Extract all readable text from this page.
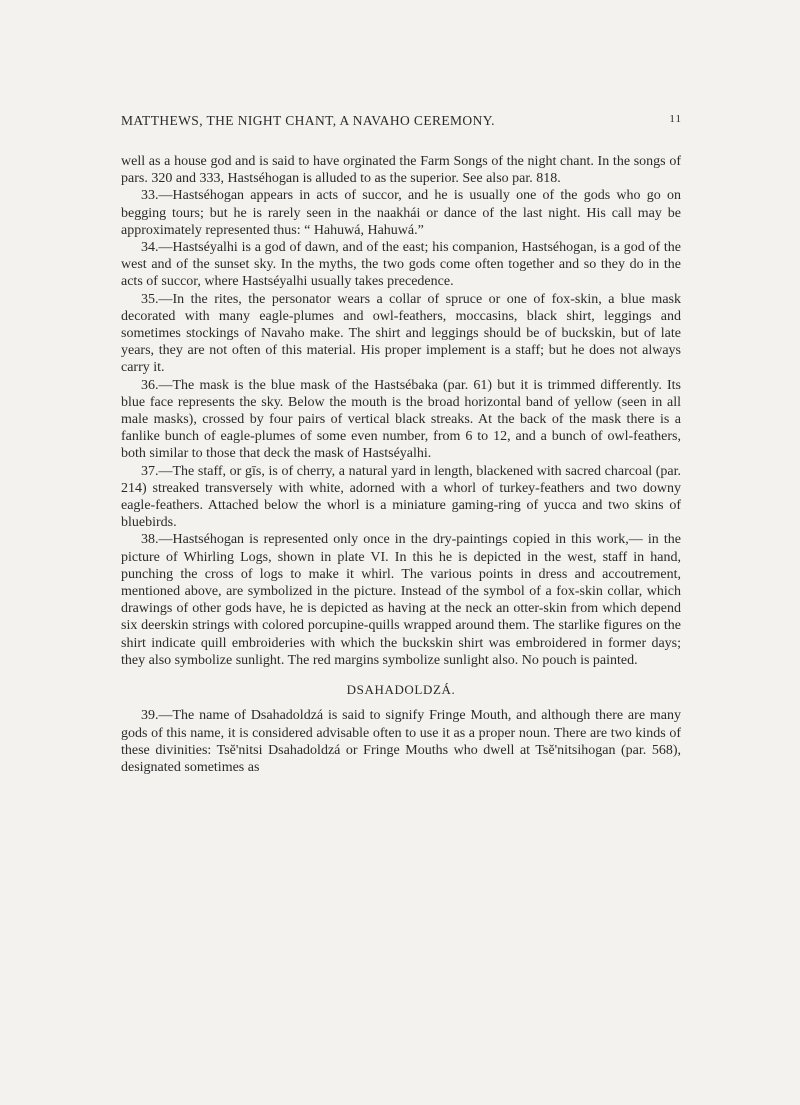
MATTHEWS, THE NIGHT CHANT, A NAVAHO CEREMONY.	11

well as a house god and is said to have orginated the Farm Songs of the night chant. In the songs of pars. 320 and 333, Hastséhogan is alluded to as the superior. See also par. 818.

33.—Hastséhogan appears in acts of succor, and he is usually one of the gods who go on begging tours; but he is rarely seen in the naakhái or dance of the last night. His call may be approximately represented thus: “ Hahuwá, Hahuwá.”

34.—Hastséyalhi is a god of dawn, and of the east; his companion, Hastséhogan, is a god of the west and of the sunset sky. In the myths, the two gods come often together and so they do in the acts of succor, where Hastséyalhi usually takes precedence.

35.—In the rites, the personator wears a collar of spruce or one of fox-skin, a blue mask decorated with many eagle-plumes and owl-feathers, moccasins, black shirt, leggings and sometimes stockings of Navaho make. The shirt and leggings should be of buckskin, but of late years, they are not often of this material. His proper implement is a staff; but he does not always carry it.

36.—The mask is the blue mask of the Hastsébaka (par. 61) but it is trimmed differently. Its blue face represents the sky. Below the mouth is the broad horizontal band of yellow (seen in all male masks), crossed by four pairs of vertical black streaks. At the back of the mask there is a fanlike bunch of eagle-plumes of some even number, from 6 to 12, and a bunch of owl-feathers, both similar to those that deck the mask of Hastséyalhi.

37.—The staff, or gīs, is of cherry, a natural yard in length, blackened with sacred charcoal (par. 214) streaked transversely with white, adorned with a whorl of turkey-feathers and two downy eagle-feathers. Attached below the whorl is a miniature gaming-ring of yucca and two skins of bluebirds.

38.—Hastséhogan is represented only once in the dry-paintings copied in this work,— in the picture of Whirling Logs, shown in plate VI. In this he is depicted in the west, staff in hand, punching the cross of logs to make it whirl. The various points in dress and accoutrement, mentioned above, are symbolized in the picture. Instead of the symbol of a fox-skin collar, which drawings of other gods have, he is depicted as having at the neck an otter-skin from which depend six deerskin strings with colored porcupine-quills wrapped around them. The starlike figures on the shirt indicate quill embroideries with which the buckskin shirt was embroidered in former days; they also symbolize sunlight. The red margins symbolize sunlight also. No pouch is painted.

DSAHADOLDZÁ.

39.—The name of Dsahadoldzá is said to signify Fringe Mouth, and although there are many gods of this name, it is considered advisable often to use it as a proper noun. There are two kinds of these divinities: Tsĕ'nitsi Dsahadoldzá or Fringe Mouths who dwell at Tsĕ'nitsihogan (par. 568), designated sometimes as
